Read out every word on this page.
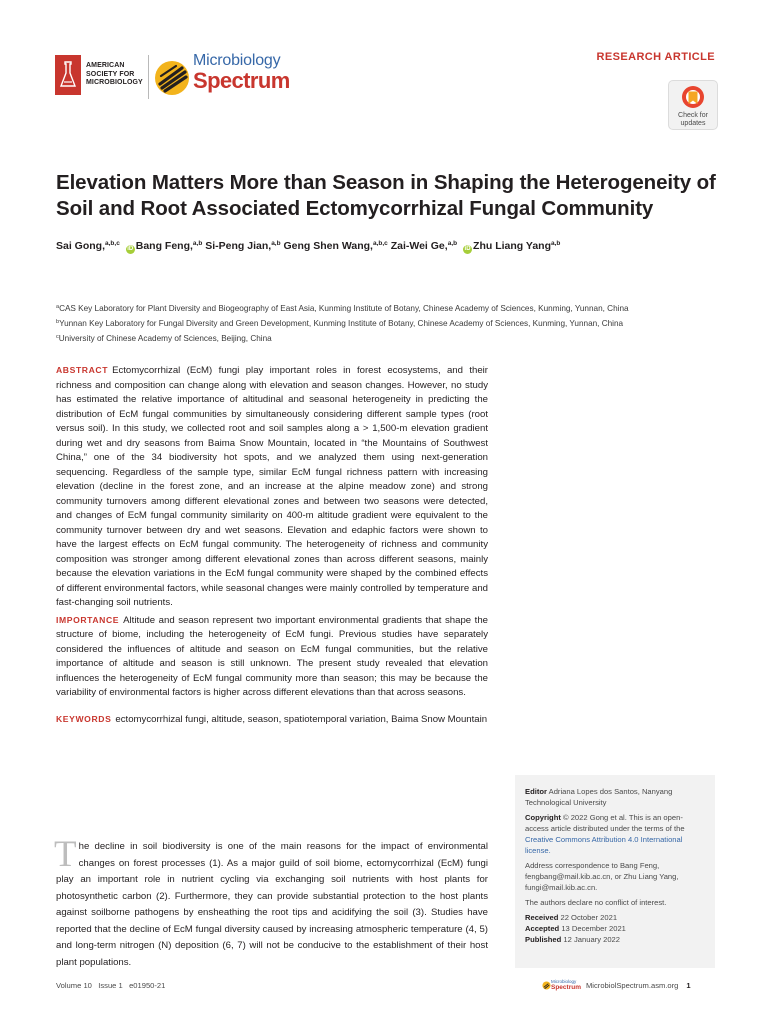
AMERICAN
SOCIETY FOR
MICROBIOLOGY
Microbiology
Spectrum
RESEARCH ARTICLE
Check for updates
Elevation Matters More than Season in Shaping the Heterogeneity of Soil and Root Associated Ectomycorrhizal Fungal Community
Sai Gong,$^{a,b,c}$ iD Bang Feng,$^{a,b}$ Si-Peng Jian,$^{a,b}$ Geng Shen Wang,$^{a,b,c}$ Zai-Wei Ge,$^{a,b}$ iD Zhu Liang Yang$^{a,b}$
$^a$CAS Key Laboratory for Plant Diversity and Biogeography of East Asia, Kunming Institute of Botany, Chinese Academy of Sciences, Kunming, Yunnan, China
$^b$Yunnan Key Laboratory for Fungal Diversity and Green Development, Kunming Institute of Botany, Chinese Academy of Sciences, Kunming, Yunnan, China
$^c$University of Chinese Academy of Sciences, Beijing, China

ABSTRACT Ectomycorrhizal (EcM) fungi play important roles in forest ecosystems, and their richness and composition can change along with elevation and season changes. However, no study has estimated the relative importance of altitudinal and seasonal heterogeneity in predicting the distribution of EcM fungal communities by simultaneously considering different sample types (root versus soil). In this study, we collected root and soil samples along a > 1,500-m elevation gradient during wet and dry seasons from Baima Snow Mountain, located in “the Mountains of Southwest China,” one of the 34 biodiversity hot spots, and we analyzed them using next-generation sequencing. Regardless of the sample type, similar EcM fungal richness pattern with increasing elevation (decline in the forest zone, and an increase at the alpine meadow zone) and strong community turnovers among different elevational zones and between two seasons were detected, and changes of EcM fungal community similarity on 400-m altitude gradient were equivalent to the community turnover between dry and wet seasons. Elevation and edaphic factors were shown to have the largest effects on EcM fungal community. The heterogeneity of richness and community composition was stronger among different elevational zones than across different seasons, mainly because the elevation variations in the EcM fungal community were shaped by the combined effects of different environmental factors, while seasonal changes were mainly controlled by temperature and fast-changing soil nutrients.

IMPORTANCE Altitude and season represent two important environmental gradients that shape the structure of biome, including the heterogeneity of EcM fungi. Previous studies have separately considered the influences of altitude and season on EcM fungal communities, but the relative importance of altitude and season is still unknown. The present study revealed that elevation influences the heterogeneity of EcM fungal community more than season; this may be because the variability of environmental factors is higher across different elevations than that across seasons.

KEYWORDS ectomycorrhizal fungi, altitude, season, spatiotemporal variation, Baima Snow Mountain

The decline in soil biodiversity is one of the main reasons for the impact of environmental changes on forest processes (1). As a major guild of soil biome, ectomycorrhizal (EcM) fungi play an important role in nutrient cycling via exchanging soil nutrients with host plants for photosynthetic carbon (2). Furthermore, they can provide substantial protection to the host plants against soilborne pathogens by ensheathing the root tips and acidifying the soil (3). Studies have reported that the decline of EcM fungal diversity caused by increasing atmospheric temperature (4, 5) and long-term nitrogen (N) deposition (6, 7) will not be conducive to the establishment of their host plant populations.

Editor Adriana Lopes dos Santos, Nanyang Technological University

Copyright © 2022 Gong et al. This is an open-access article distributed under the terms of the Creative Commons Attribution 4.0 International license.

Address correspondence to Bang Feng, fengbang@mail.kib.ac.cn, or Zhu Liang Yang, fungi@mail.kib.ac.cn.

The authors declare no conflict of interest.

Received 22 October 2021
Accepted 13 December 2021
Published 12 January 2022
Volume 10 Issue 1 e01950-21	Microbiology
Spectrum MicrobiolSpectrum.asm.org 1
